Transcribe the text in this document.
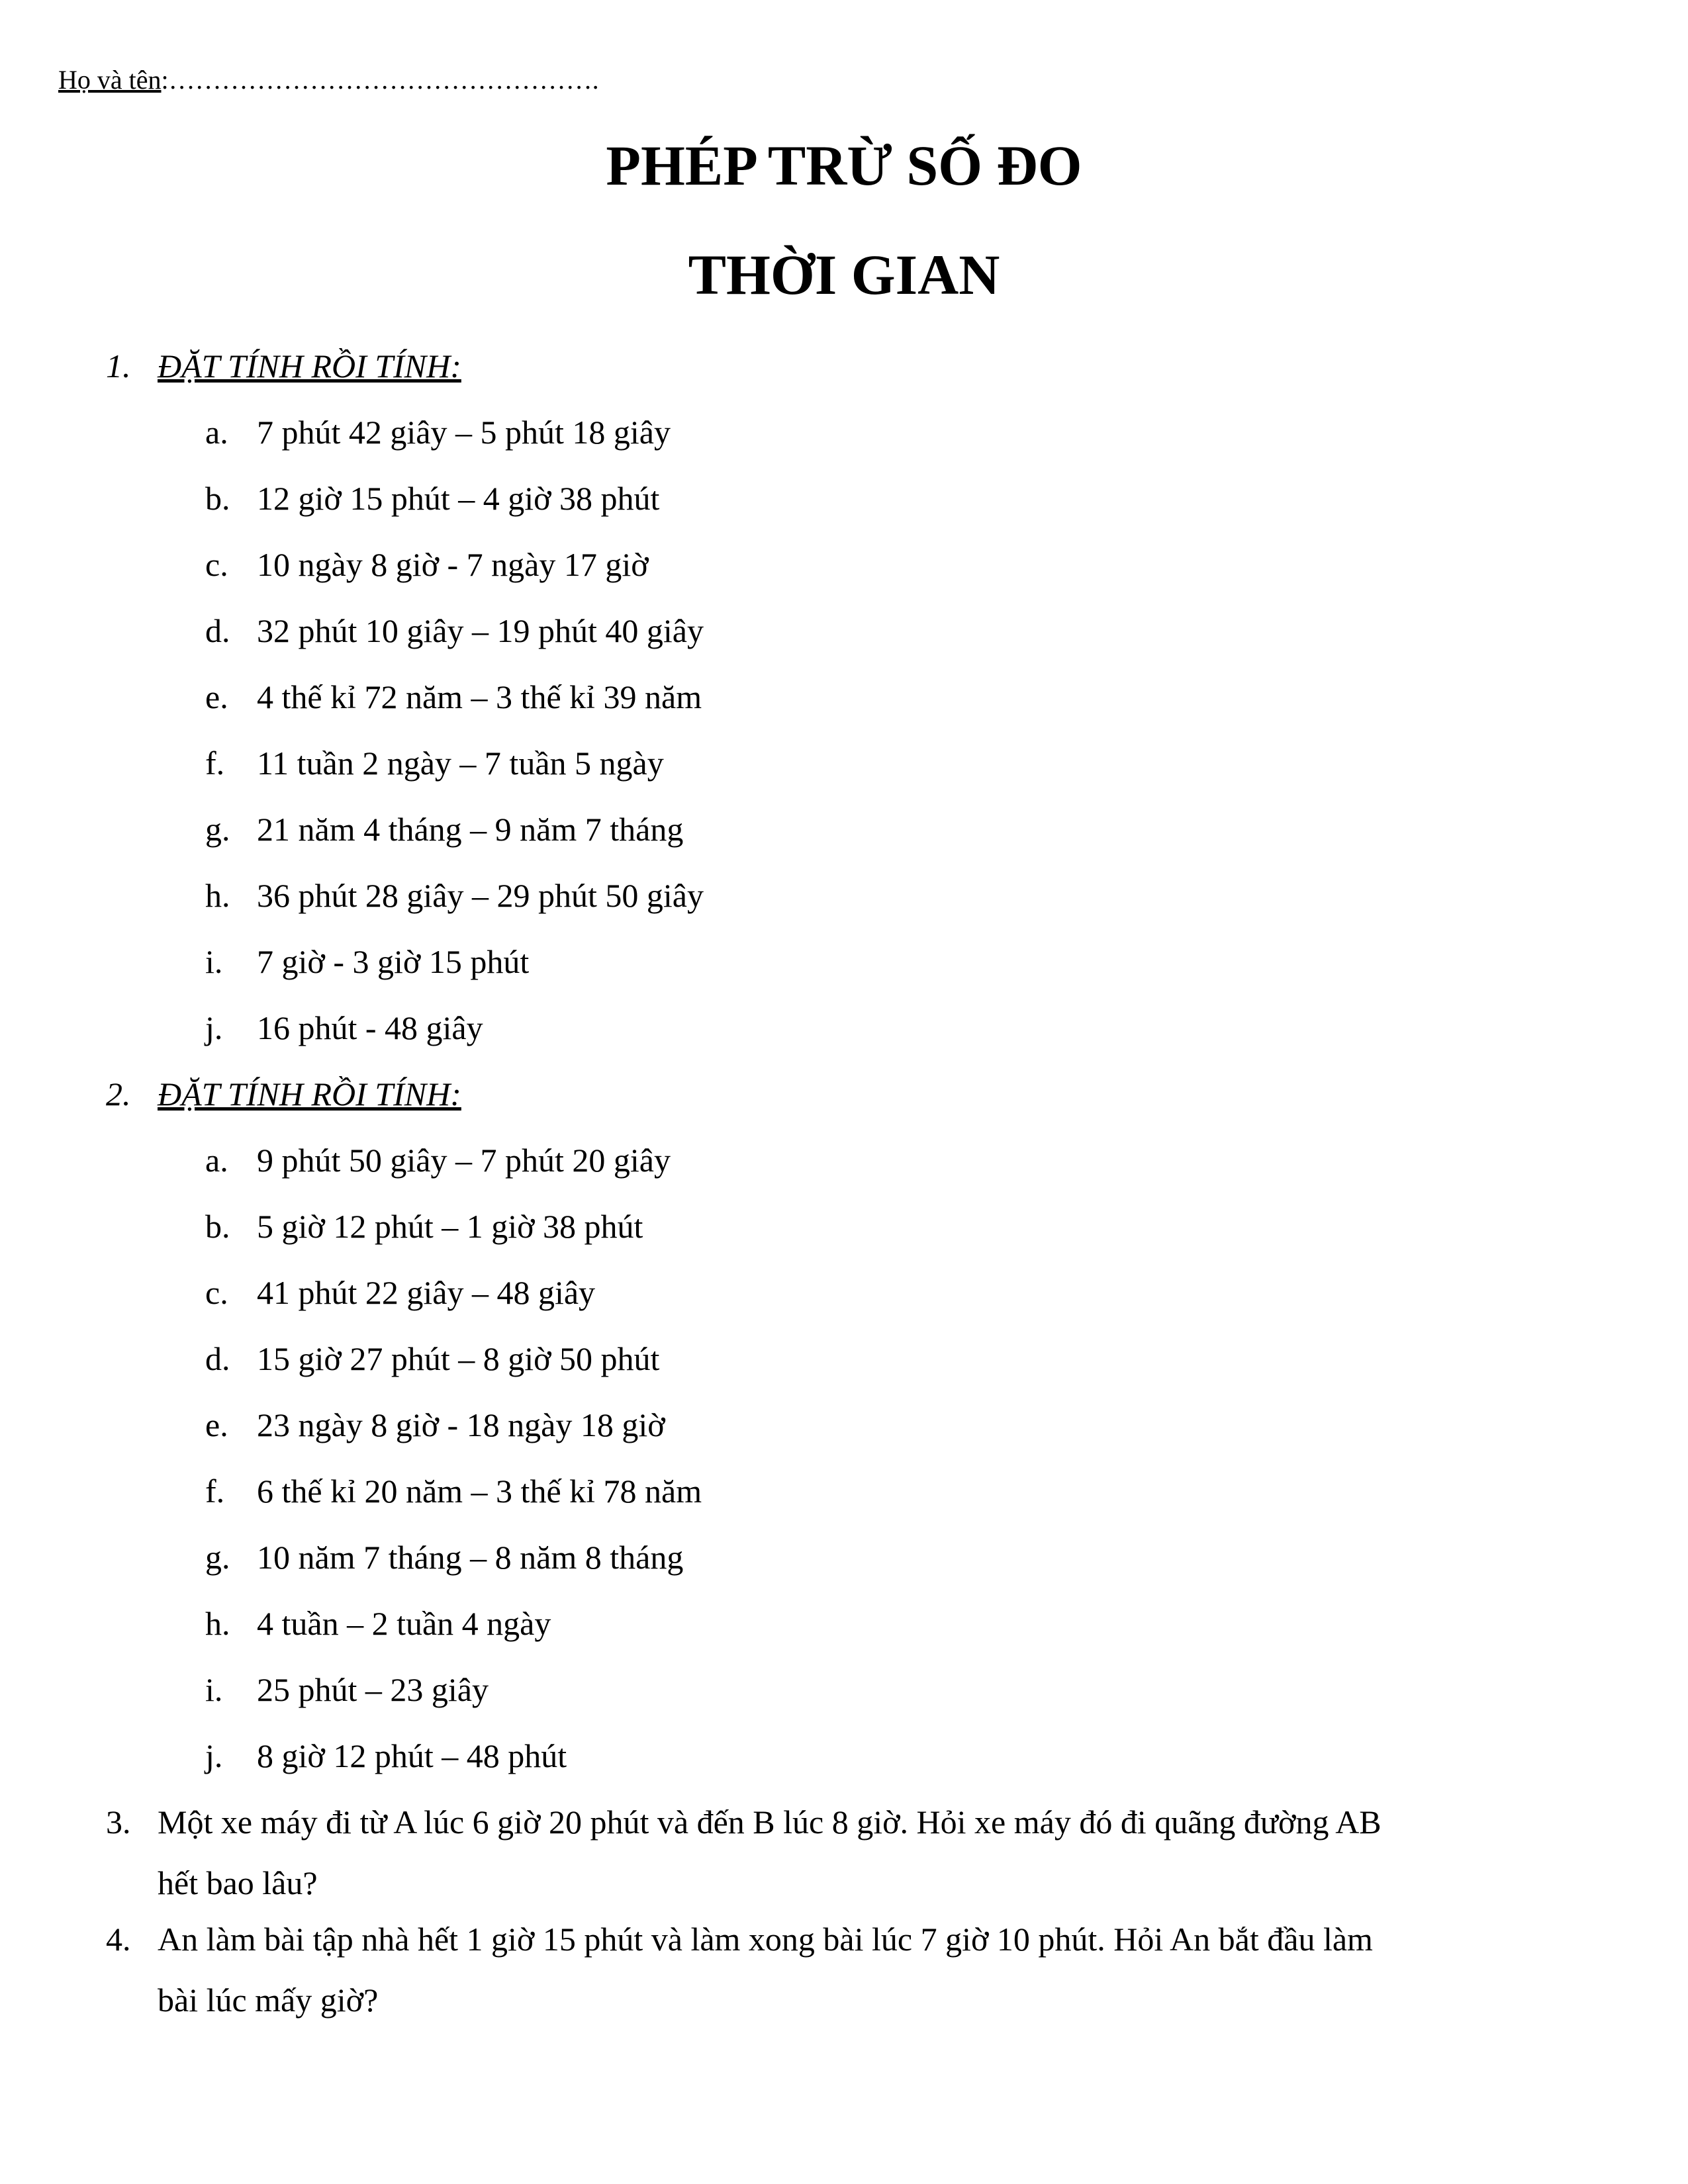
Họ và tên:………………………………………….
PHÉP TRỪ SỐ ĐO
THỜI GIAN
1. ĐẶT TÍNH RỒI TÍNH:
a. 7 phút 42 giây – 5 phút 18 giây
b. 12 giờ 15 phút – 4 giờ 38 phút
c. 10 ngày 8 giờ - 7 ngày 17 giờ
d. 32 phút 10 giây – 19 phút 40 giây
e. 4 thế kỉ 72 năm – 3 thế kỉ 39 năm
f. 11 tuần 2 ngày – 7 tuần 5 ngày
g. 21 năm 4 tháng – 9 năm 7 tháng
h. 36 phút 28 giây – 29 phút 50 giây
i. 7 giờ - 3 giờ 15 phút
j. 16 phút - 48 giây
2. ĐẶT TÍNH RỒI TÍNH:
a. 9 phút 50 giây – 7 phút 20 giây
b. 5 giờ 12 phút – 1 giờ 38 phút
c. 41 phút 22 giây – 48 giây
d. 15 giờ 27 phút – 8 giờ 50 phút
e. 23 ngày 8 giờ - 18 ngày 18 giờ
f. 6 thế kỉ 20 năm – 3 thế kỉ 78 năm
g. 10 năm 7 tháng – 8 năm 8 tháng
h. 4 tuần – 2 tuần 4 ngày
i. 25 phút – 23 giây
j. 8 giờ 12 phút – 48 phút
3. Một xe máy đi từ A lúc 6 giờ 20 phút và đến B lúc 8 giờ. Hỏi xe máy đó đi quãng đường AB
hết bao lâu?
4. An làm bài tập nhà hết 1 giờ 15 phút và làm xong bài lúc 7 giờ 10 phút. Hỏi An bắt đầu làm
bài lúc mấy giờ?
